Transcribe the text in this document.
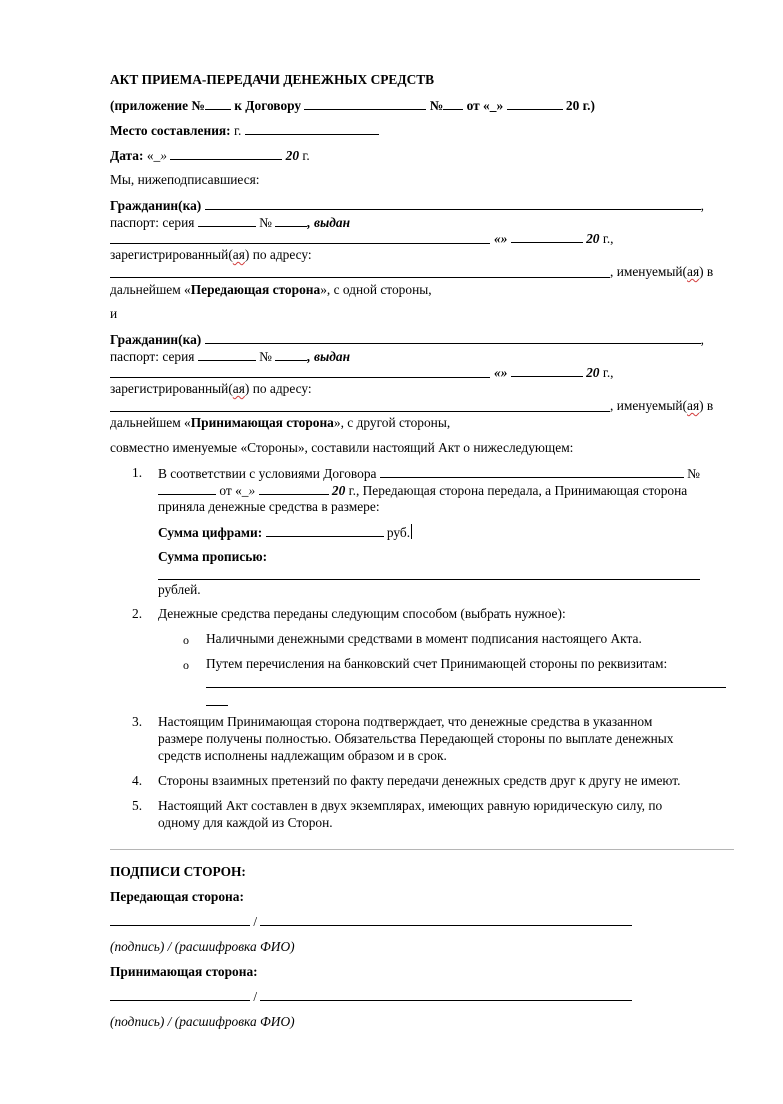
АКТ ПРИЕМА-ПЕРЕДАЧИ ДЕНЕЖНЫХ СРЕДСТВ
(приложение № к Договору	№ от «_»	20 г.)
Место составления: г.
Дата: «_»	20 г.
Мы, нижеподписавшиеся:
Гражданин(ка)	,
паспорт: серия	№ , выдан
«»	20 г.,
зарегистрированный(ая) по адресу:
, именуемый(ая) в
дальнейшем «Передающая сторона», с одной стороны,
и
Гражданин(ка)	,
паспорт: серия	№ , выдан
«»	20 г.,
зарегистрированный(ая) по адресу:
, именуемый(ая) в
дальнейшем «Принимающая сторона», с другой стороны,
совместно именуемые «Стороны», составили настоящий Акт о нижеследующем:
1. В соответствии с условиями Договора	№
от «_»	20 г., Передающая сторона передала, а Принимающая сторона
приняла денежные средства в размере:
Сумма цифрами:	руб.
Сумма прописью:
рублей.
2. Денежные средства переданы следующим способом (выбрать нужное):
o Наличными денежными средствами в момент подписания настоящего Акта.
o Путем перечисления на банковский счет Принимающей стороны по реквизитам:
3. Настоящим Принимающая сторона подтверждает, что денежные средства в указанном
размере получены полностью. Обязательства Передающей стороны по выплате денежных
средств исполнены надлежащим образом и в срок.
4. Стороны взаимных претензий по факту передачи денежных средств друг к другу не имеют.
5. Настоящий Акт составлен в двух экземплярах, имеющих равную юридическую силу, по
одному для каждой из Сторон.
ПОДПИСИ СТОРОН:
Передающая сторона:
/
(подпись) / (расшифровка ФИО)
Принимающая сторона:
/
(подпись) / (расшифровка ФИО)
